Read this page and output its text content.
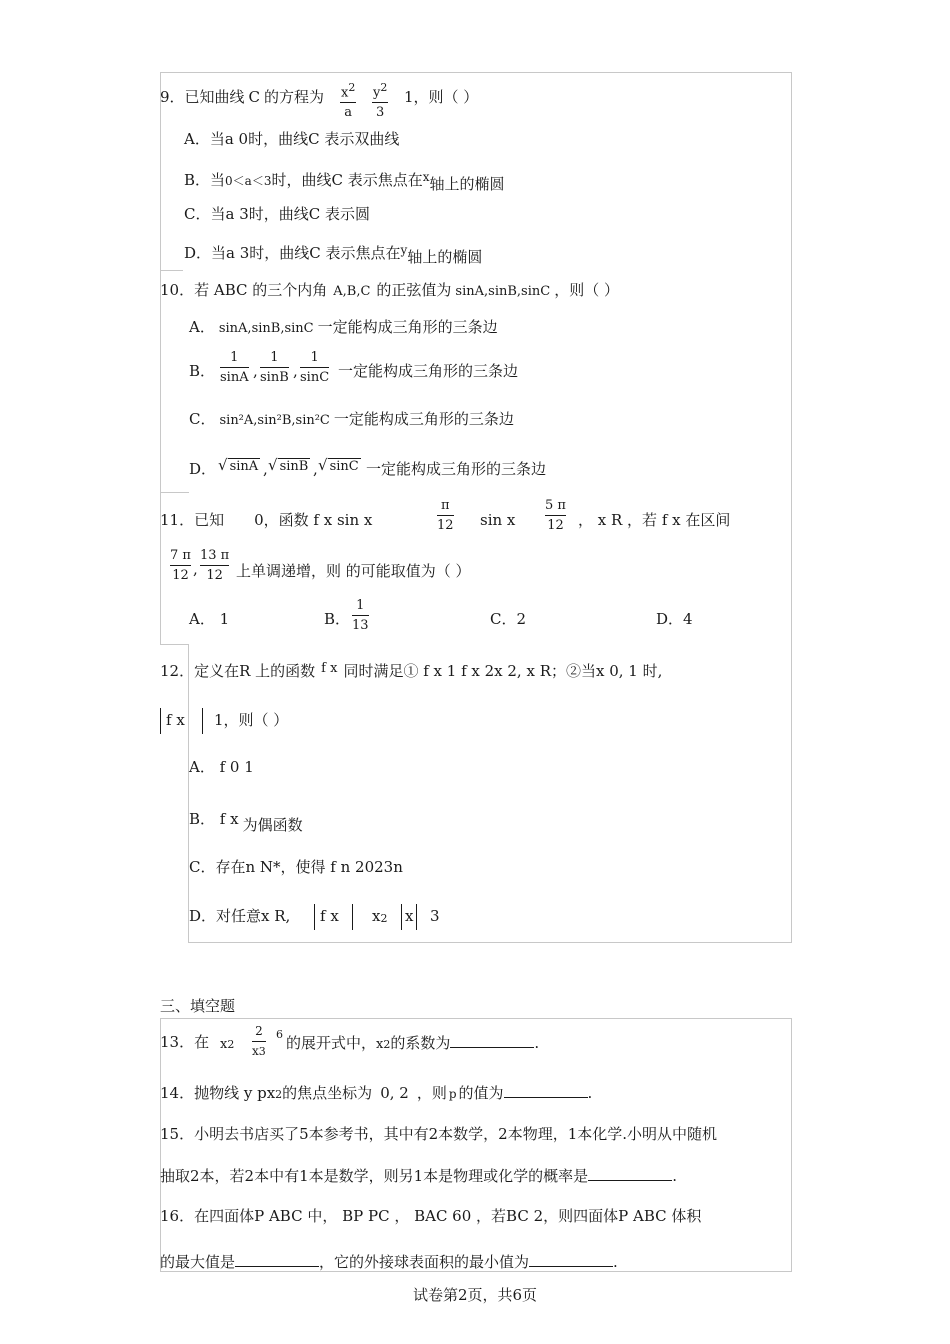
9．已知曲线 C 的方程为 $x^2$
a
$y^2$
3
1，则（ ）
A．当a 0时，曲线C 表示双曲线
B．当0＜a＜3时，曲线C 表示焦点在$^x$轴上的椭圆
C．当a 3时，曲线C 表示圆
D．当a 3时，曲线C 表示焦点在$^y$轴上的椭圆
10．若 ABC 的三个内角 A,B,C 的正弦值为 sinA,sinB,sinC ，则（ ）
A． sinA,sinB,sinC 一定能构成三角形的三条边
B．
1
sinA ,
1
sinB ,
1
sinC 一定能构成三角形的三条边
C． sin²A,sin²B,sin²C 一定能构成三角形的三条边
D． √ sinA , √ sinB , √ sinC 一定能构成三角形的三条边
11．已知 0，函数 f x sin x
π
12 sin x
5 π
12 ， x R ，若 f x 在区间
7 π
12 ,
13 π
12 上单调递增，则 的可能取值为（ ）
A． 1	B．
1
13	C．2	D．4
12．定义在R 上的函数 f x 同时满足① f x 1 f x 2x 2, x R；②当x 0, 1 时,
f x 1，则（ ）
A． f 0 1
B． f x 为偶函数
C．存在n N*，使得 f n 2023n
D．对任意x R, f x x2 x 3
三、填空题
13．在 x2
2
x3
6 的展开式中，x2的系数为	.
14．抛物线 y px2的焦点坐标为 0, 2 ，则 p 的值为	.
15．小明去书店买了5本参考书，其中有2本数学，2本物理，1本化学.小明从中随机
抽取2本，若2本中有1本是数学，则另1本是物理或化学的概率是	.
16．在四面体P ABC 中， BP PC ， BAC 60 ，若BC 2，则四面体P ABC 体积
的最大值是	，它的外接球表面积的最小值为	.
试卷第2页，共6页
